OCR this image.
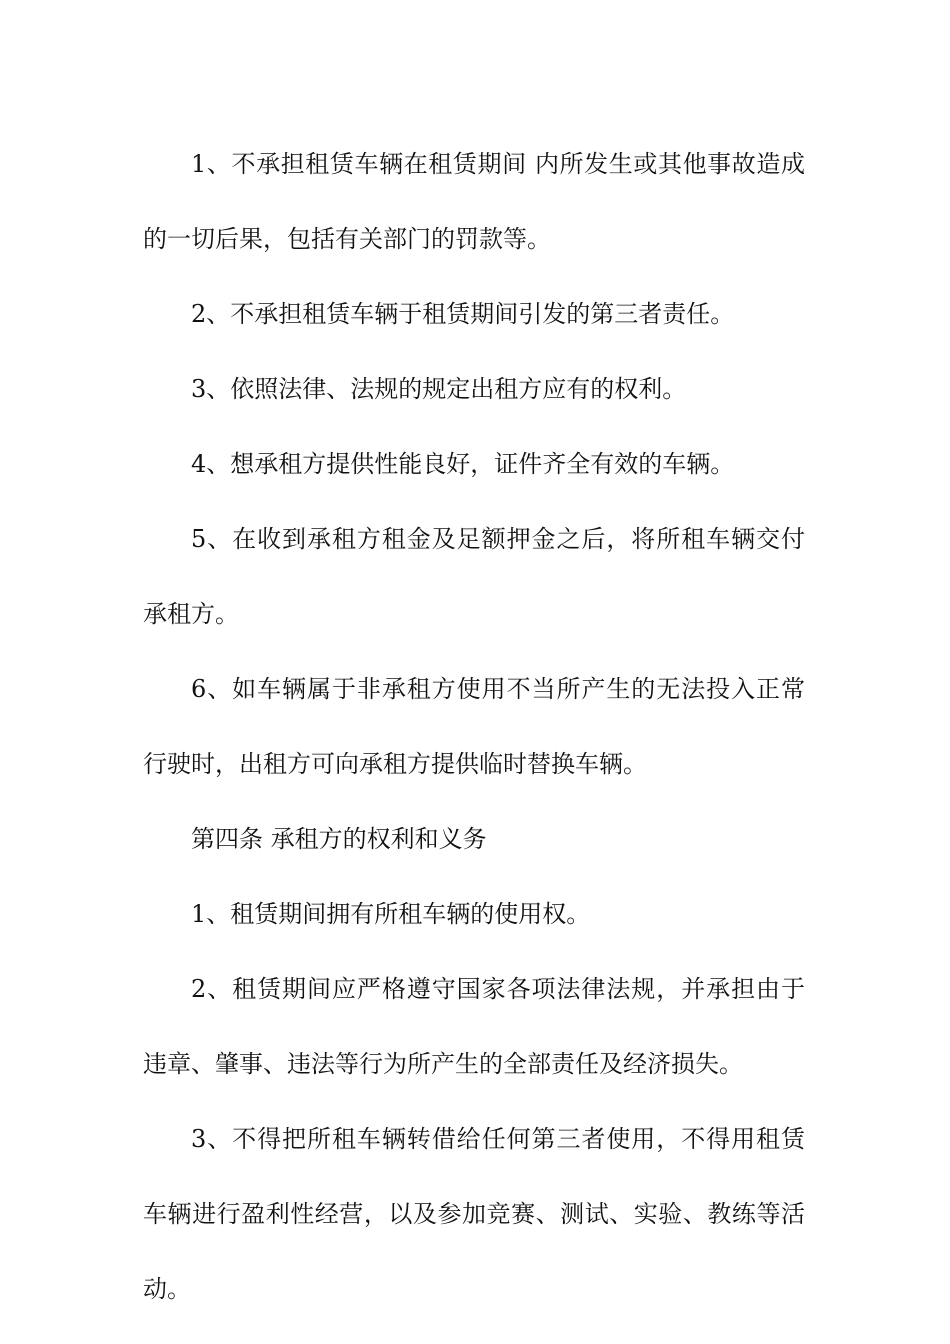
1、不承担租赁车辆在租赁期间 内所发生或其他事故造成的一切后果，包括有关部门的罚款等。

2、不承担租赁车辆于租赁期间引发的第三者责任。

3、依照法律、法规的规定出租方应有的权利。

4、想承租方提供性能良好，证件齐全有效的车辆。

5、在收到承租方租金及足额押金之后，将所租车辆交付承租方。

6、如车辆属于非承租方使用不当所产生的无法投入正常行驶时，出租方可向承租方提供临时替换车辆。

第四条 承租方的权利和义务

1、租赁期间拥有所租车辆的使用权。

2、租赁期间应严格遵守国家各项法律法规，并承担由于违章、肇事、违法等行为所产生的全部责任及经济损失。

3、不得把所租车辆转借给任何第三者使用，不得用租赁车辆进行盈利性经营，以及参加竞赛、测试、实验、教练等活动。
